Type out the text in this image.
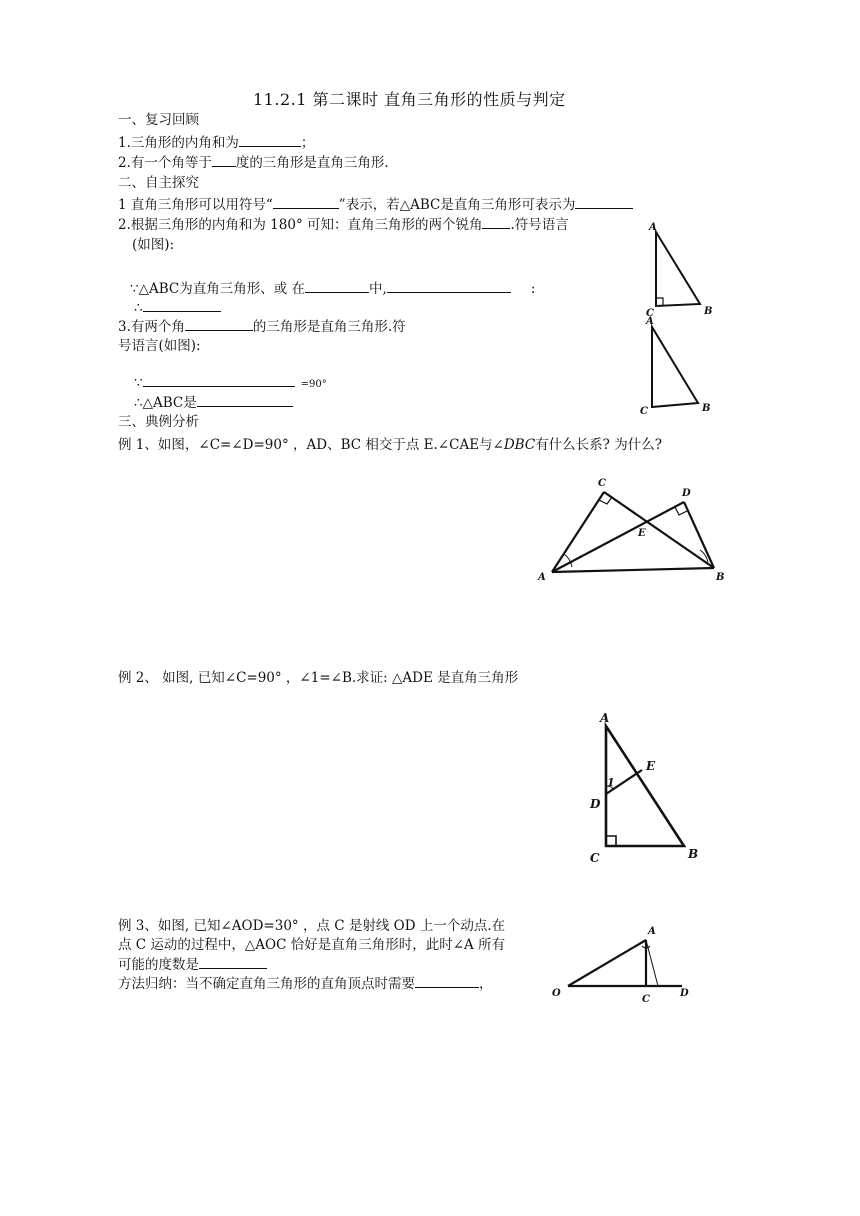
11.2.1 第二课时 直角三角形的性质与判定
一、复习回顾
1.三角形的内角和为	；
2.有一个角等于 度的三角形是直角三角形.
二、自主探究
1 直角三角形可以用符号“	”表示，若△ABC是直角三角形可表示为
2.根据三角形的内角和为 180° 可知：直角三角形的两个锐角 .符号语言
(如图):
∵△ABC为直角三角形、或 在	中,	:
∴
3.有两个角	的三角形是直角三角形.符
号语言(如图):
∵	=90°
∴△ABC是
三、典例分析
例 1、如图，∠C=∠D=90° ，AD、BC 相交于点 E.∠CAE与∠DBC有什么长系? 为什么?
例 2、 如图, 已知∠C=90° ，∠1=∠B.求证: △ADE 是直角三角形
例 3、如图, 已知∠AOD=30° ，点 C 是射线 OD 上一个动点.在
点 C 运动的过程中，△AOC 恰好是直角三角形时，此时∠A 所有
可能的度数是
方法归纳：当不确定直角三角形的直角顶点时需要	，
A
C	B
A
C	B
A
C
D
E
B
A
1
E
D
C	B
A
O
C
D
